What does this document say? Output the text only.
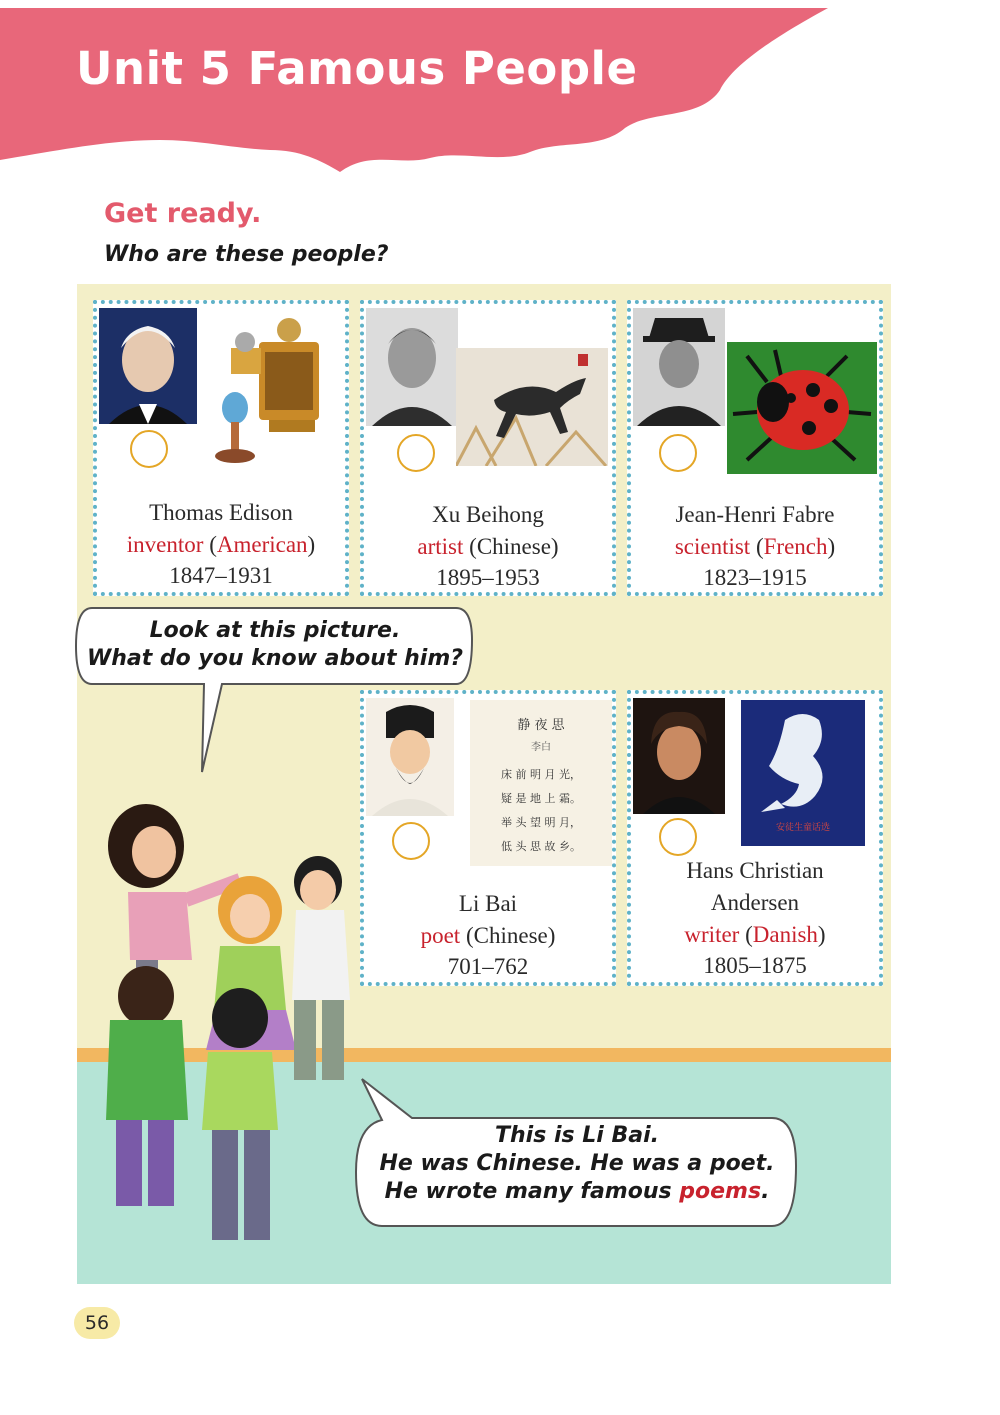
Unit 5 Famous People
Get ready.
Who are these people?
Thomas Edison
inventor (American)
1847–1931
Xu Beihong
artist (Chinese)
1895–1953
Jean-Henri Fabre
scientist (French)
1823–1915
静 夜 思
李白
床 前 明 月 光，
疑 是 地 上 霜。
举 头 望 明 月，
低 头 思 故 乡。
Li Bai
poet (Chinese)
701–762
安徒生童话选
Hans Christian
Andersen
writer (Danish)
1805–1875
Look at this picture.
What do you know about him?
This is Li Bai.
He was Chinese. He was a poet.
He wrote many famous poems.
56
